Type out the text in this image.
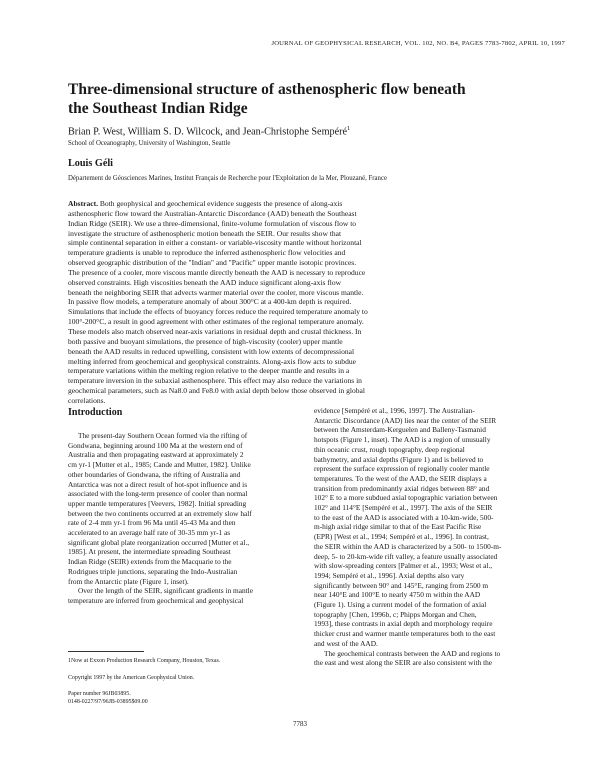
JOURNAL OF GEOPHYSICAL RESEARCH, VOL. 102, NO. B4, PAGES 7783-7802, APRIL 10, 1997
Three-dimensional structure of asthenospheric flow beneath
the Southeast Indian Ridge
Brian P. West, William S. D. Wilcock, and Jean-Christophe Sempéré$^1$
School of Oceanography, University of Washington, Seattle
Louis Géli
Département de Géosciences Marines, Institut Français de Recherche pour l'Exploitation de la Mer, Plouzané, France
Abstract. Both geophysical and geochemical evidence suggests the presence of along-axis
asthenospheric flow toward the Australian-Antarctic Discordance (AAD) beneath the Southeast
Indian Ridge (SEIR). We use a three-dimensional, finite-volume formulation of viscous flow to
investigate the structure of asthenospheric motion beneath the SEIR. Our results show that
simple continental separation in either a constant- or variable-viscosity mantle without horizontal
temperature gradients is unable to reproduce the inferred asthenospheric flow velocities and
observed geographic distribution of the "Indian" and "Pacific" upper mantle isotopic provinces.
The presence of a cooler, more viscous mantle directly beneath the AAD is necessary to reproduce
observed constraints. High viscosities beneath the AAD induce significant along-axis flow
beneath the neighboring SEIR that advects warmer material over the cooler, more viscous mantle.
In passive flow models, a temperature anomaly of about 300°C at a 400-km depth is required.
Simulations that include the effects of buoyancy forces reduce the required temperature anomaly to
100°-200°C, a result in good agreement with other estimates of the regional temperature anomaly.
These models also match observed near-axis variations in residual depth and crustal thickness. In
both passive and buoyant simulations, the presence of high-viscosity (cooler) upper mantle
beneath the AAD results in reduced upwelling, consistent with low extents of decompressional
melting inferred from geochemical and geophysical constraints. Along-axis flow acts to subdue
temperature variations within the melting region relative to the deeper mantle and results in a
temperature inversion in the subaxial asthenosphere. This effect may also reduce the variations in
geochemical parameters, such as Na8.0 and Fe8.0 with axial depth below those observed in global
correlations.
Introduction
The present-day Southern Ocean formed via the rifting of
Gondwana, beginning around 100 Ma at the western end of
Australia and then propagating eastward at approximately 2
cm yr-1 [Mutter et al., 1985; Cande and Mutter, 1982]. Unlike
other boundaries of Gondwana, the rifting of Australia and
Antarctica was not a direct result of hot-spot influence and is
associated with the long-term presence of cooler than normal
upper mantle temperatures [Veevers, 1982]. Initial spreading
between the two continents occurred at an extremely slow half
rate of 2-4 mm yr-1 from 96 Ma until 45-43 Ma and then
accelerated to an average half rate of 30-35 mm yr-1 as
significant global plate reorganization occurred [Mutter et al.,
1985]. At present, the intermediate spreading Southeast
Indian Ridge (SEIR) extends from the Macquarie to the
Rodrigues triple junctions, separating the Indo-Australian
from the Antarctic plate (Figure 1, inset).
Over the length of the SEIR, significant gradients in mantle
temperature are inferred from geochemical and geophysical
evidence [Sempéré et al., 1996, 1997]. The Australian-
Antarctic Discordance (AAD) lies near the center of the SEIR
between the Amsterdam-Kerguelen and Balleny-Tasmanid
hotspots (Figure 1, inset). The AAD is a region of unusually
thin oceanic crust, rough topography, deep regional
bathymetry, and axial depths (Figure 1) and is believed to
represent the surface expression of regionally cooler mantle
temperatures. To the west of the AAD, the SEIR displays a
transition from predominantly axial ridges between 88° and
102° E to a more subdued axial topographic variation between
102° and 114°E [Sempéré et al., 1997]. The axis of the SEIR
to the east of the AAD is associated with a 10-km-wide, 500-
m-high axial ridge similar to that of the East Pacific Rise
(EPR) [West et al., 1994; Sempéré et al., 1996]. In contrast,
the SEIR within the AAD is characterized by a 500- to 1500-m-
deep, 5- to 20-km-wide rift valley, a feature usually associated
with slow-spreading centers [Palmer et al., 1993; West et al.,
1994; Sempéré et al., 1996]. Axial depths also vary
significantly between 90° and 145°E, ranging from 2500 m
near 140°E and 100°E to nearly 4750 m within the AAD
(Figure 1). Using a current model of the formation of axial
topography [Chen, 1996b, c; Phipps Morgan and Chen,
1993], these contrasts in axial depth and morphology require
thicker crust and warmer mantle temperatures both to the east
and west of the AAD.
The geochemical contrasts between the AAD and regions to
the east and west along the SEIR are also consistent with the
1Now at Exxon Production Research Company, Houston, Texas.
Copyright 1997 by the American Geophysical Union.
Paper number 96JB03895.
0148-0227/97/96JB-03895$09.00
7783
